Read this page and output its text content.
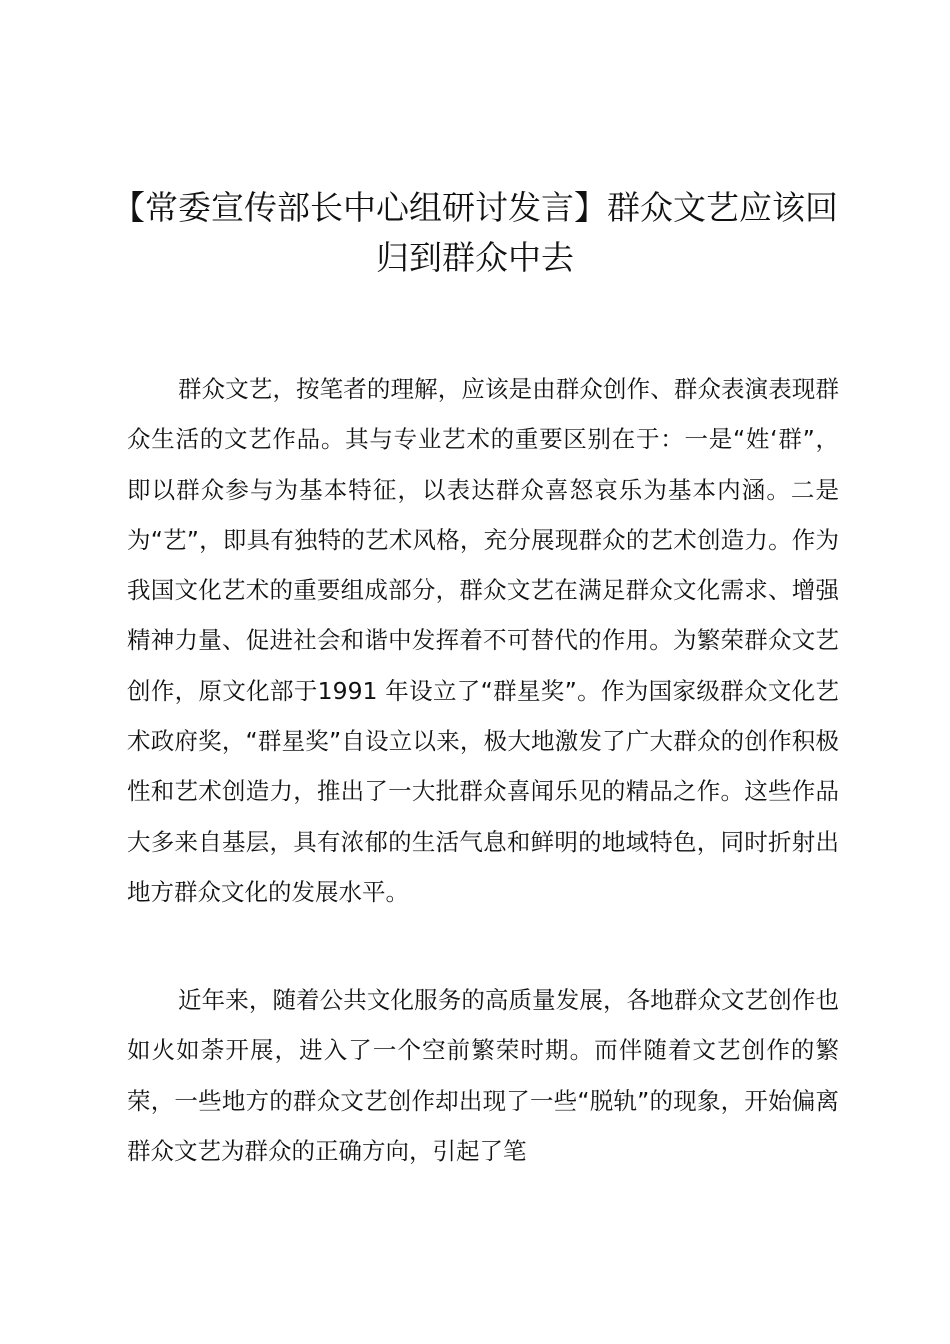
【常委宣传部长中心组研讨发言】群众文艺应该回归到群众中去

群众文艺，按笔者的理解，应该是由群众创作、群众表演表现群众生活的文艺作品。其与专业艺术的重要区别在于：一是“姓‘群”，即以群众参与为基本特征，以表达群众喜怒哀乐为基本内涵。二是为“艺”，即具有独特的艺术风格，充分展现群众的艺术创造力。作为我国文化艺术的重要组成部分，群众文艺在满足群众文化需求、增强精神力量、促进社会和谐中发挥着不可替代的作用。为繁荣群众文艺创作，原文化部于1991 年设立了“群星奖”。作为国家级群众文化艺术政府奖，“群星奖”自设立以来，极大地激发了广大群众的创作积极性和艺术创造力，推出了一大批群众喜闻乐见的精品之作。这些作品大多来自基层，具有浓郁的生活气息和鲜明的地域特色，同时折射出地方群众文化的发展水平。

近年来，随着公共文化服务的高质量发展，各地群众文艺创作也如火如荼开展，进入了一个空前繁荣时期。而伴随着文艺创作的繁荣，一些地方的群众文艺创作却出现了一些“脱轨”的现象，开始偏离群众文艺为群众的正确方向，引起了笔
